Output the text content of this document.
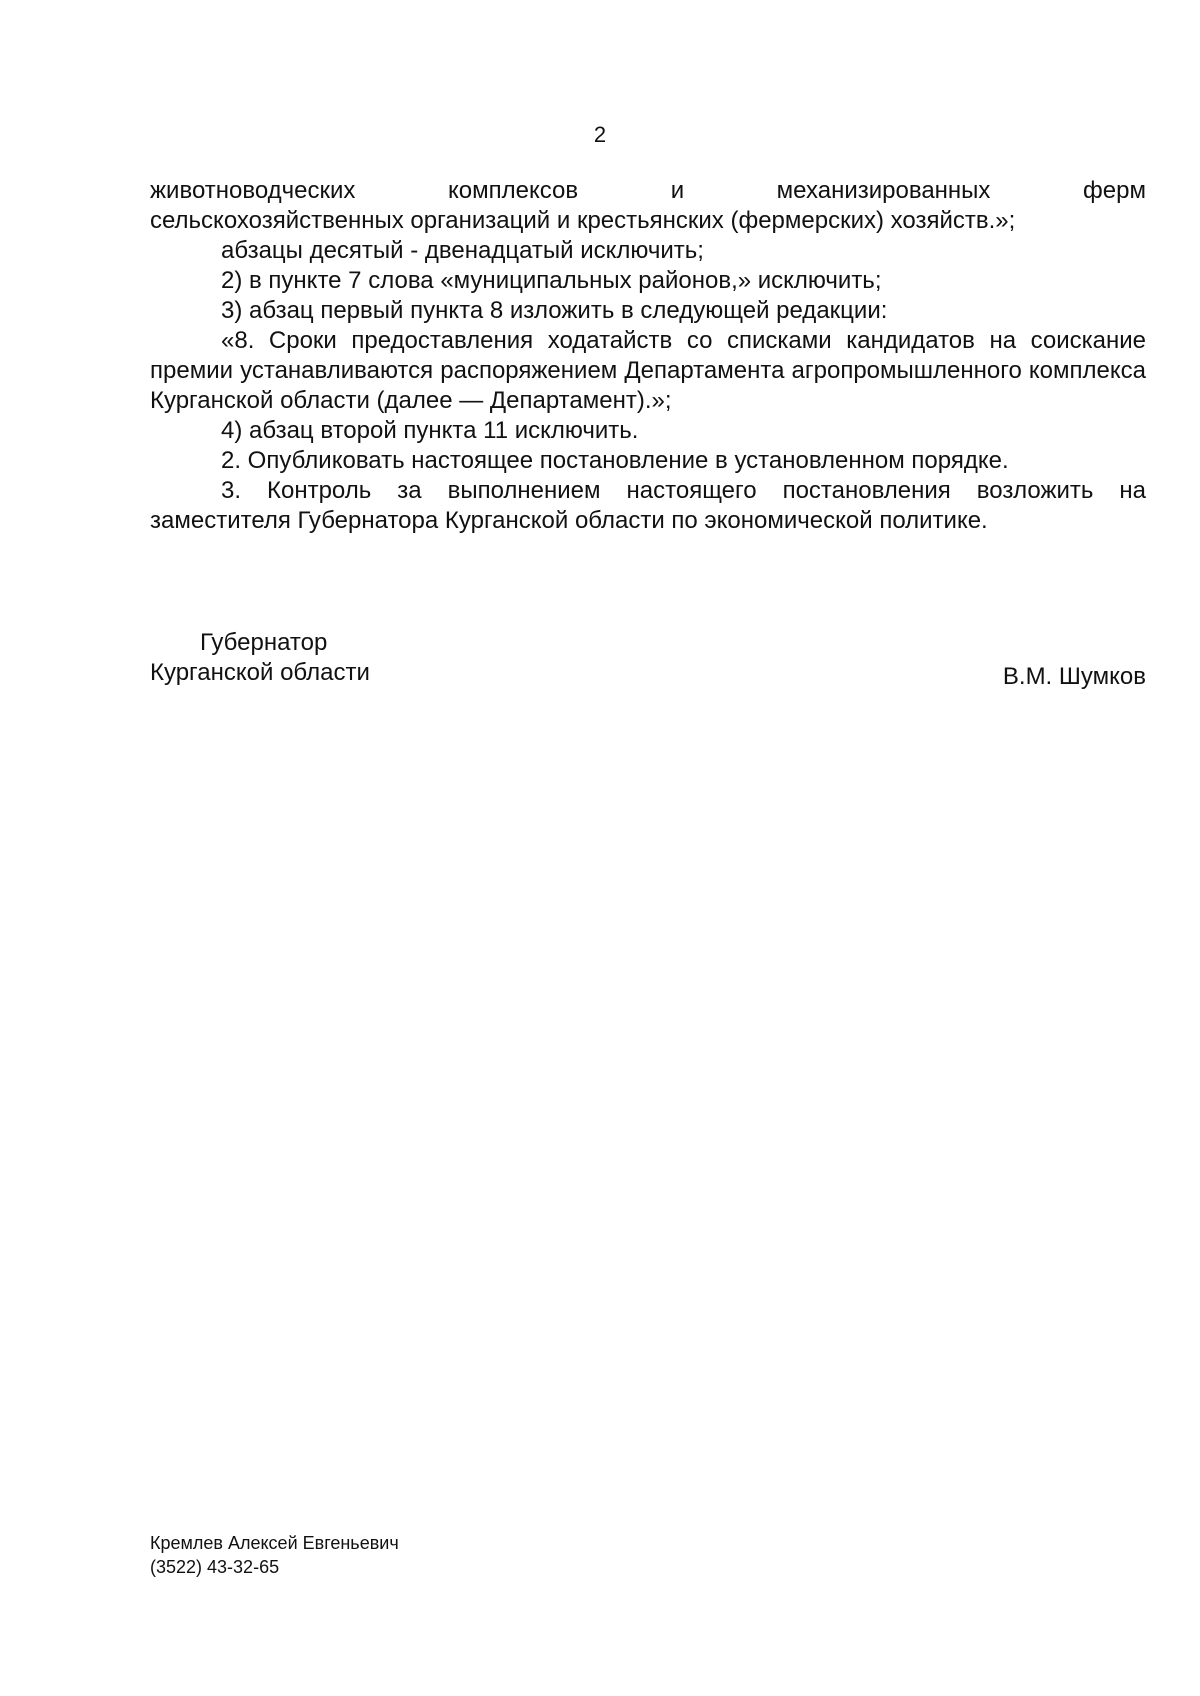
2
животноводческих	комплексов	и	механизированных	ферм

сельскохозяйственных организаций и крестьянских (фермерских) хозяйств.»;

абзацы десятый - двенадцатый исключить;

2) в пункте 7 слова «муниципальных районов,» исключить;

3) абзац первый пункта 8 изложить в следующей редакции:

«8. Сроки предоставления ходатайств со списками кандидатов на соискание премии устанавливаются распоряжением Департамента агропромышленного комплекса Курганской области (далее — Департамент).»;

4) абзац второй пункта 11 исключить.

2. Опубликовать настоящее постановление в установленном порядке.

3. Контроль за выполнением настоящего постановления возложить на заместителя Губернатора Курганской области по экономической политике.

Губернатор
Курганской области	В.М. Шумков
Кремлев Алексей Евгеньевич
(3522) 43-32-65
